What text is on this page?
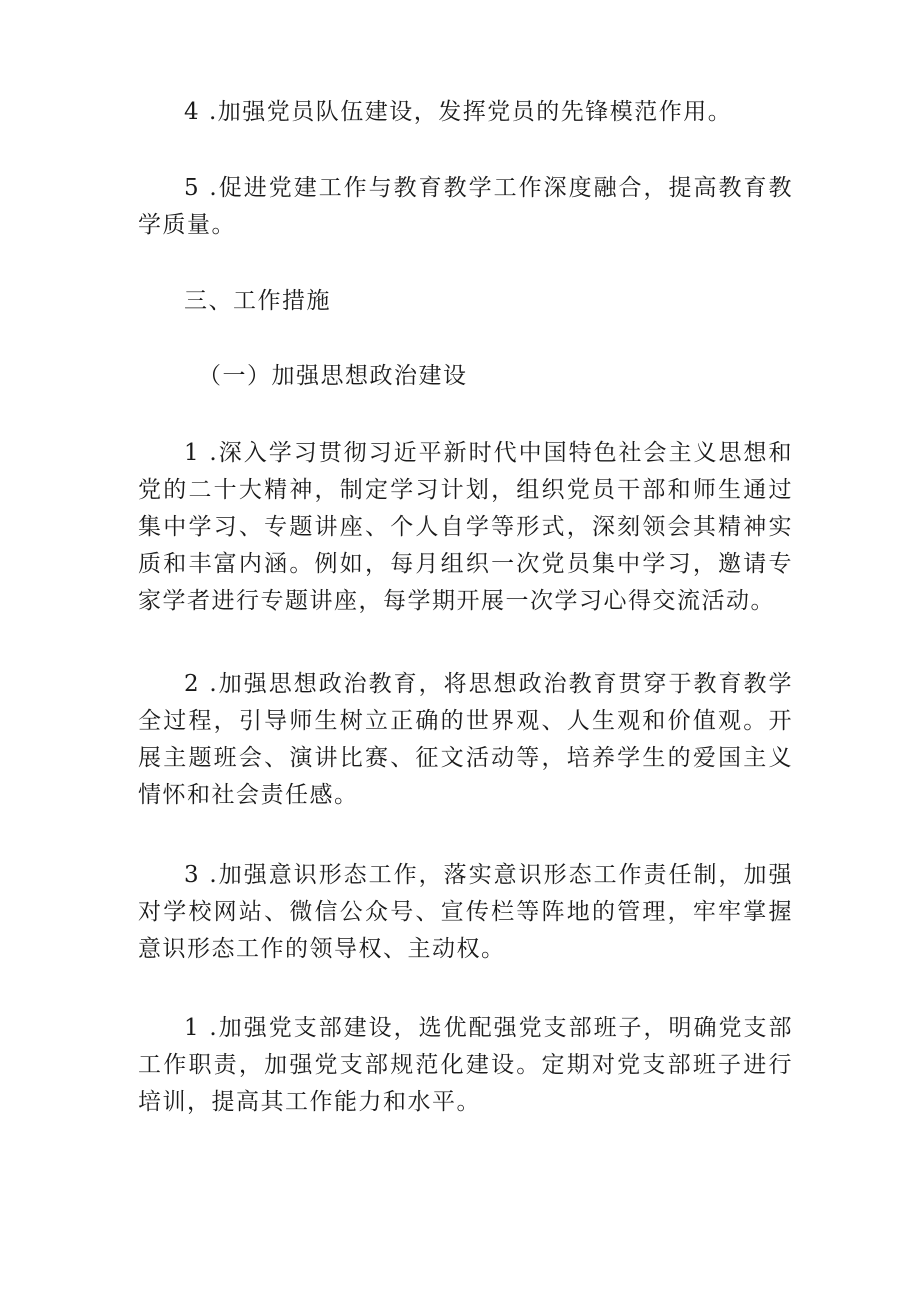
4 .加强党员队伍建设，发挥党员的先锋模范作用。

5 .促进党建工作与教育教学工作深度融合，提高教育教学质量。

三、工作措施

（一）加强思想政治建设

1 .深入学习贯彻习近平新时代中国特色社会主义思想和党的二十大精神，制定学习计划，组织党员干部和师生通过集中学习、专题讲座、个人自学等形式，深刻领会其精神实质和丰富内涵。例如，每月组织一次党员集中学习，邀请专家学者进行专题讲座，每学期开展一次学习心得交流活动。

2 .加强思想政治教育，将思想政治教育贯穿于教育教学全过程，引导师生树立正确的世界观、人生观和价值观。开展主题班会、演讲比赛、征文活动等，培养学生的爱国主义情怀和社会责任感。

3 .加强意识形态工作，落实意识形态工作责任制，加强对学校网站、微信公众号、宣传栏等阵地的管理，牢牢掌握意识形态工作的领导权、主动权。

1 .加强党支部建设，选优配强党支部班子，明确党支部工作职责，加强党支部规范化建设。定期对党支部班子进行培训，提高其工作能力和水平。
